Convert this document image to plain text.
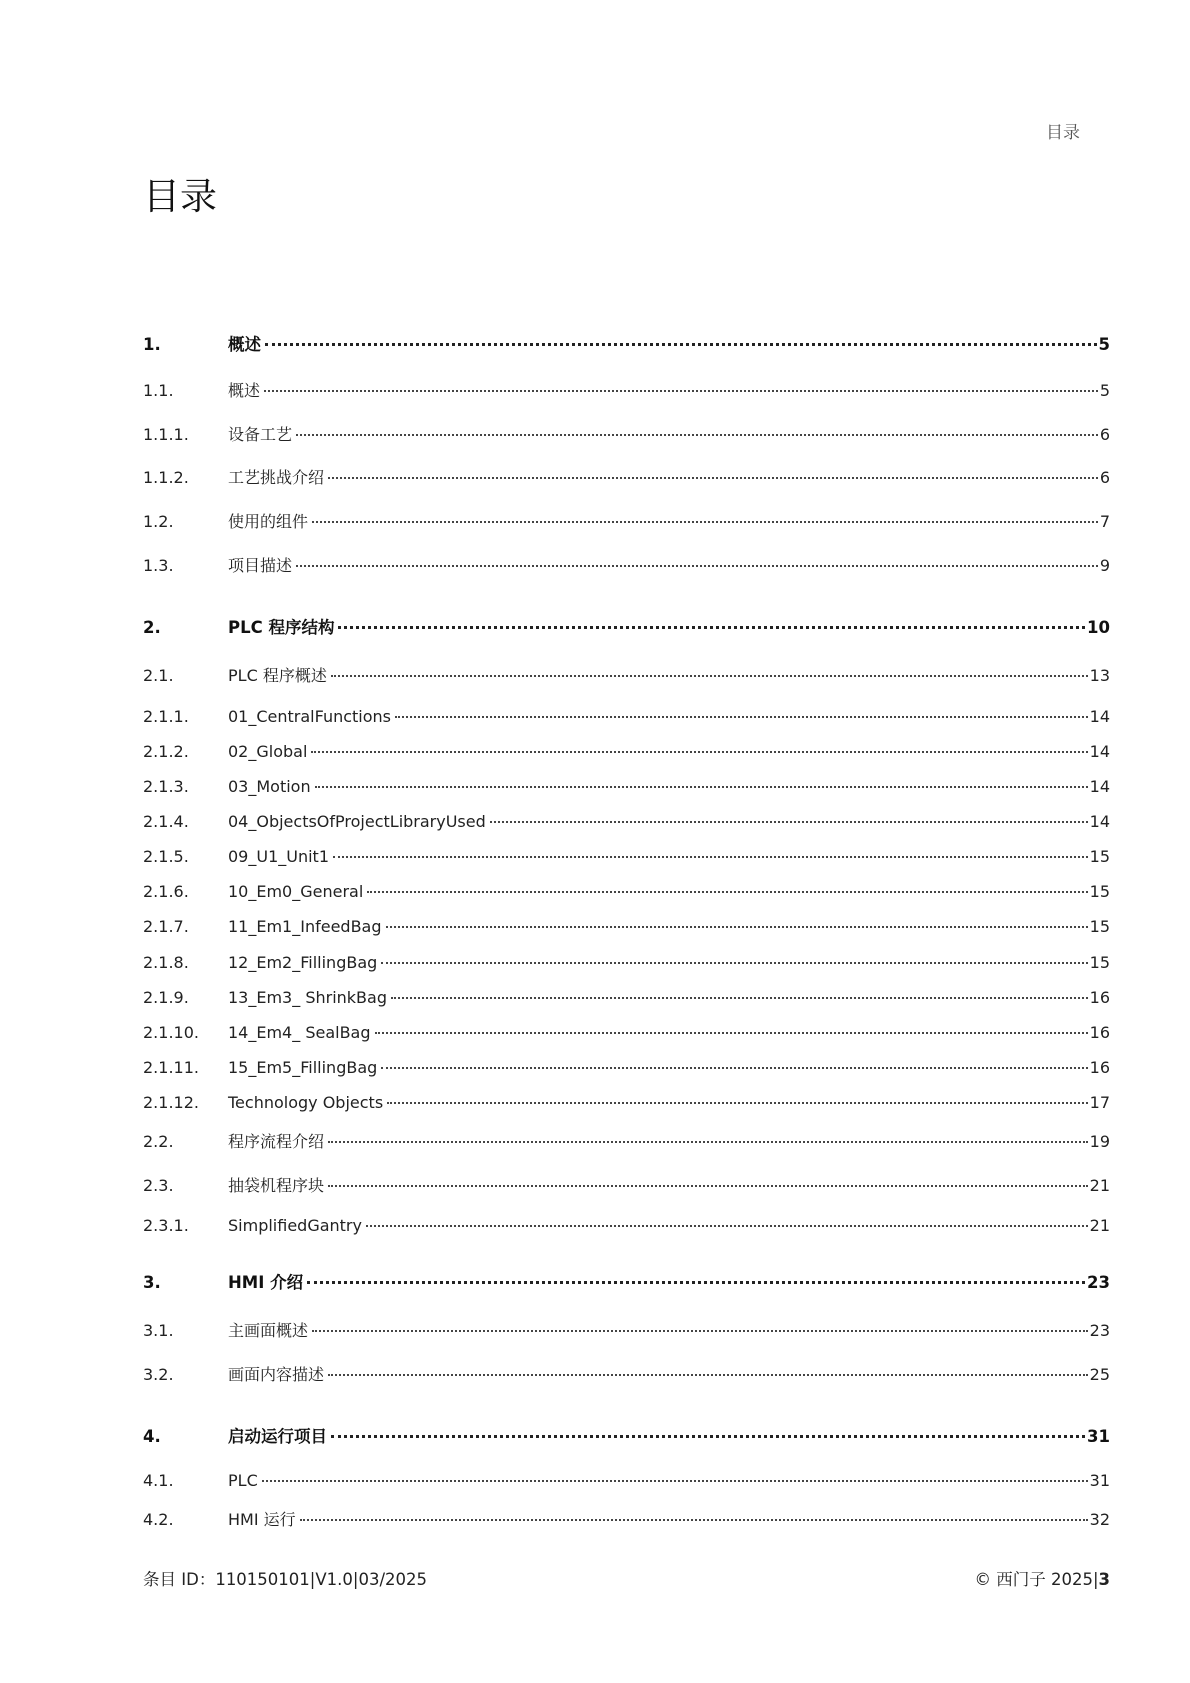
目录
目录
1.	概述	5
1.1.	概述	5
1.1.1.	设备工艺	6
1.1.2.	工艺挑战介绍	6
1.2.	使用的组件	7
1.3.	项目描述	9
2.	PLC 程序结构	10
2.1.	PLC 程序概述	13
2.1.1.	01_CentralFunctions	14
2.1.2.	02_Global	14
2.1.3.	03_Motion	14
2.1.4.	04_ObjectsOfProjectLibraryUsed	14
2.1.5.	09_U1_Unit1	15
2.1.6.	10_Em0_General	15
2.1.7.	11_Em1_InfeedBag	15
2.1.8.	12_Em2_FillingBag	15
2.1.9.	13_Em3_ ShrinkBag	16
2.1.10.	14_Em4_ SealBag	16
2.1.11.	15_Em5_FillingBag	16
2.1.12.	Technology Objects	17
2.2.	程序流程介绍	19
2.3.	抽袋机程序块	21
2.3.1.	SimplifiedGantry	21
3.	HMI 介绍	23
3.1.	主画面概述	23
3.2.	画面内容描述	25
4.	启动运行项目	31
4.1.	PLC	31
4.2.	HMI 运行	32
条目 ID：110150101|V1.0|03/2025	© 西门子 2025|3
